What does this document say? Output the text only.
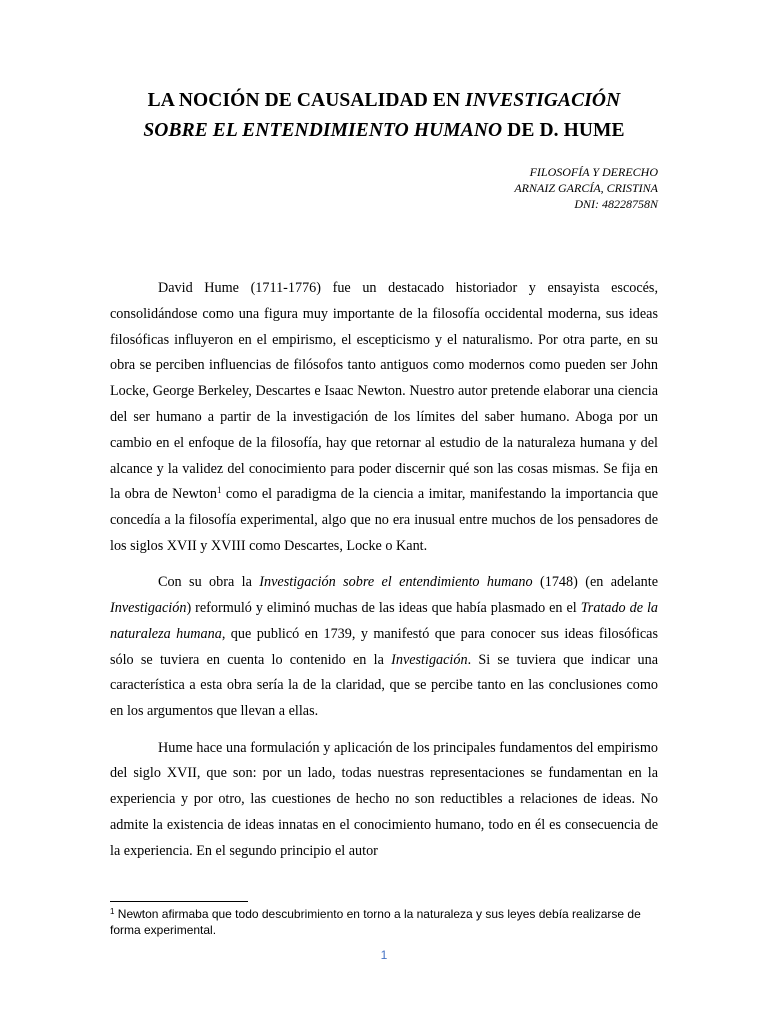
LA NOCIÓN DE CAUSALIDAD EN INVESTIGACIÓN
SOBRE EL ENTENDIMIENTO HUMANO DE D. HUME
FILOSOFÍA Y DERECHO
ARNAIZ GARCÍA, CRISTINA
DNI: 48228758N

David Hume (1711-1776) fue un destacado historiador y ensayista escocés, consolidándose como una figura muy importante de la filosofía occidental moderna, sus ideas filosóficas influyeron en el empirismo, el escepticismo y el naturalismo. Por otra parte, en su obra se perciben influencias de filósofos tanto antiguos como modernos como pueden ser John Locke, George Berkeley, Descartes e Isaac Newton. Nuestro autor pretende elaborar una ciencia del ser humano a partir de la investigación de los límites del saber humano. Aboga por un cambio en el enfoque de la filosofía, hay que retornar al estudio de la naturaleza humana y del alcance y la validez del conocimiento para poder discernir qué son las cosas mismas. Se fija en la obra de Newton$^1$ como el paradigma de la ciencia a imitar, manifestando la importancia que concedía a la filosofía experimental, algo que no era inusual entre muchos de los pensadores de los siglos XVII y XVIII como Descartes, Locke o Kant.

Con su obra la Investigación sobre el entendimiento humano (1748) (en adelante Investigación) reformuló y eliminó muchas de las ideas que había plasmado en el Tratado de la naturaleza humana, que publicó en 1739, y manifestó que para conocer sus ideas filosóficas sólo se tuviera en cuenta lo contenido en la Investigación. Si se tuviera que indicar una característica a esta obra sería la de la claridad, que se percibe tanto en las conclusiones como en los argumentos que llevan a ellas.

Hume hace una formulación y aplicación de los principales fundamentos del empirismo del siglo XVII, que son: por un lado, todas nuestras representaciones se fundamentan en la experiencia y por otro, las cuestiones de hecho no son reductibles a relaciones de ideas. No admite la existencia de ideas innatas en el conocimiento humano, todo en él es consecuencia de la experiencia. En el segundo principio el autor

$^1$ Newton afirmaba que todo descubrimiento en torno a la naturaleza y sus leyes debía realizarse de forma experimental.
1
